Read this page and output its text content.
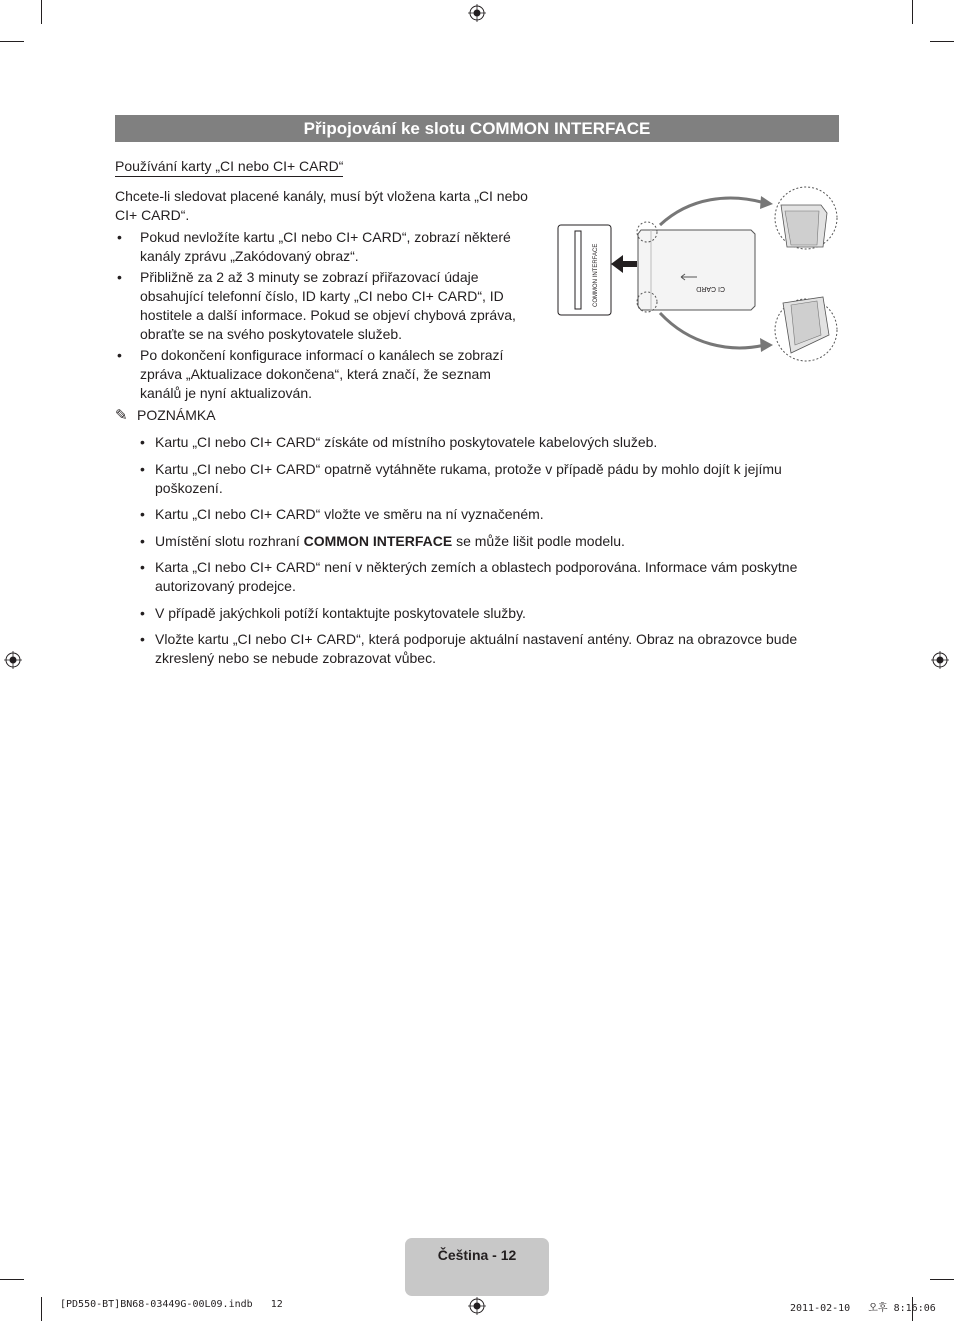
Připojování ke slotu COMMON INTERFACE
Používání karty „CI nebo CI+ CARD“
Chcete-li sledovat placené kanály, musí být vložena karta „CI nebo CI+ CARD“.
• Pokud nevložíte kartu „CI nebo CI+ CARD“, zobrazí některé kanály zprávu „Zakódovaný obraz“.
• Přibližně za 2 až 3 minuty se zobrazí přiřazovací údaje obsahující telefonní číslo, ID karty „CI nebo CI+ CARD“, ID hostitele a další informace. Pokud se objeví chybová zpráva, obraťte se na svého poskytovatele služeb.
• Po dokončení konfigurace informací o kanálech se zobrazí zpráva „Aktualizace dokončena“, která značí, že seznam kanálů je nyní aktualizován.
COMMON INTERFACE	CI CARD
✎ POZNÁMKA
• Kartu „CI nebo CI+ CARD“ získáte od místního poskytovatele kabelových služeb.
• Kartu „CI nebo CI+ CARD“ opatrně vytáhněte rukama, protože v případě pádu by mohlo dojít k jejímu poškození.
• Kartu „CI nebo CI+ CARD“ vložte ve směru na ní vyznačeném.
• Umístění slotu rozhraní COMMON INTERFACE se může lišit podle modelu.
• Karta „CI nebo CI+ CARD“ není v některých zemích a oblastech podporována. Informace vám poskytne autorizovaný prodejce.
• V případě jakýchkoli potíží kontaktujte poskytovatele služby.
• Vložte kartu „CI nebo CI+ CARD“, která podporuje aktuální nastavení antény. Obraz na obrazovce bude zkreslený nebo se nebude zobrazovat vůbec.
Čeština - 12
[PD550-BT]BN68-03449G-00L09.indb   12	2011-02-10   오후 8:16:06
